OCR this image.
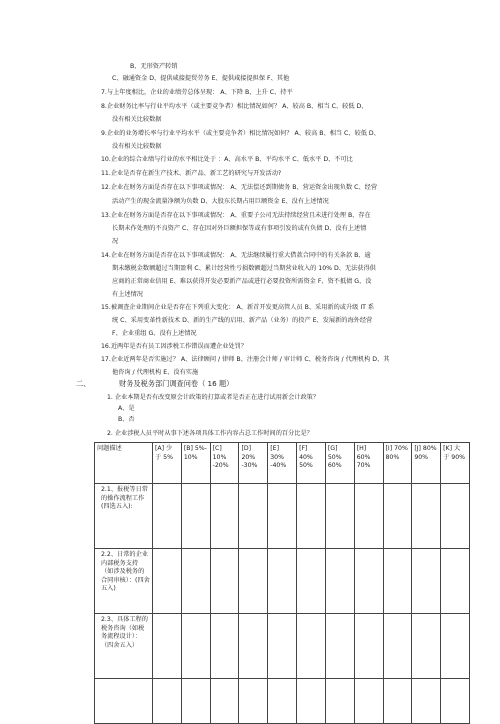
B、无形资产转销
C、融通资金 D、提供咸接提贸劳务 E、提供咸接提担保 F、其他
7.与上年度相比，企业的业绩劳总体呈现： A、下降 B、上升 C、持平
8.企业财务比率与行业平均水平（或主要竞争者）相比情况如何？ A、较高 B、相当 C、较低 D、
没有相关比较数据
9.企业的业务增长率与行业平均水平（或主要竞争者）相比情况如何？ A、较高 B、相当 C、较低 D、
没有相关比较数据
10.企业的综合业绩与行业的水平相比处于 ：A、高水平 B、平均水平 C、低水平 D、不可比
11.企业是否存在新生产技术、新产品、新工艺的研究与开发活动?
12.企业在财务方面是否存在以下事项或情况： A、无法偿还到期债务 B、营运资金出现负数 C、经营
活动产生的现金流量净额为负数 D、大股东长期占用巨额资金 E、没有上述情况
13.企业在财务方面是否存在以下事项或情况： A、重要子公司无法持续经营且未进行处理 B、存在
长期未作处理的不良资产 C、存在因对外巨额担保等或有事项引发的或有负债 D、没有上述情
况
14.企业在财务方面是否存在以下事项或情况： A、无法继续履行重大借款合同中的有关条款 B、逾
期未缴税金数额超过当期盈利 C、累计经营性亏损数额超过当期营业收入的 10% D、无法获得供
应商的正常商业信用 E、难以获得开发必要新产品或进行必要投资所需资金 F、资不抵债 G、没
有上述情况
15.被调查企业期间企业是否存在下列重大变化： A、新首开发更高管人员 B、采用新的或升级 IT 系
统 C、采用变革性新技术 D、新的生产线的启用、新产品（业务）的投产 E、发展新的海外经营
F、企业重组 G、没有上述情况
16.近两年是否有员工因涉税工作错误而遭企业处罚？
17.企业近两年是否实施过？ A、法律顾问 / 律师 B、注册会计师 / 审计师 C、税务咨询 / 代理机构 D、其
他咨询 / 代理机构 E、没有实施
二、	财务及税务部门调查问卷（ 16 题）
1. 企业本期是否有改变原会计政策的打算或者是否正在进行试用新会计政策？
A、是
B、否
2. 企业涉税人员平时从事下述各项具体工作内容占总工作时间的百分比是？
问题描述	[A] 少 于 5%	[B] 5%- 10%	[C] 10% -20%	[D] 20% -30%	[E] 30% -40%	[F] 40% 50%	[G] 50% 60%	[H] 60% 70%	[I] 70% 80%	[J] 80% 90%	[K] 大 于 90%
2.1、报税等日常的操作流程工作(四选五入):											
2.2、日常的企业内部税务支持（如涉及税务的合同审核）：(四舍五入)											
2.3、具体工程的税务咨询（如税务流程设计）：（四舍五入）											
